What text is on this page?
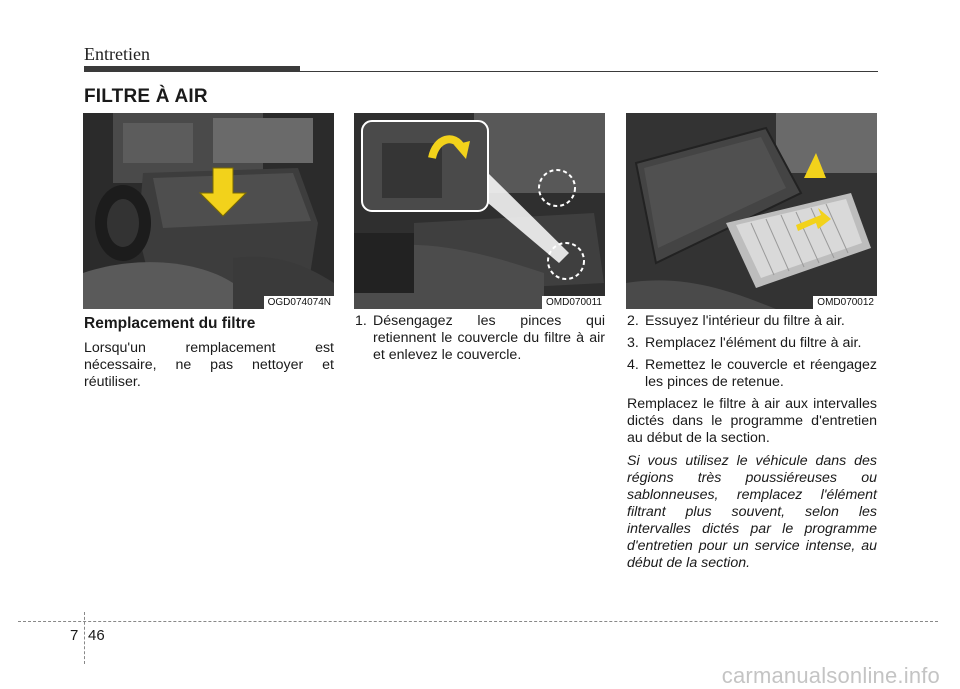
Entretien
FILTRE À AIR
OGD074074N	OMD070011	OMD070012
Remplacement du filtre

Lorsqu'un remplacement est nécessaire, ne pas nettoyer et réutiliser.

1. Désengagez les pinces qui retiennent le couvercle du filtre à air et enlevez le couvercle.
2. Essuyez l'intérieur du filtre à air.
3. Remplacez l'élément du filtre à air.
4. Remettez le couvercle et réengagez les pinces de retenue.

Remplacez le filtre à air aux intervalles dictés dans le programme d'entretien au début de la section.

Si vous utilisez le véhicule dans des régions très poussiéreuses ou sablonneuses, remplacez l'élément filtrant plus souvent, selon les intervalles dictés par le programme d'entretien pour un service intense, au début de la section.

7 46
carmanualsonline.info
